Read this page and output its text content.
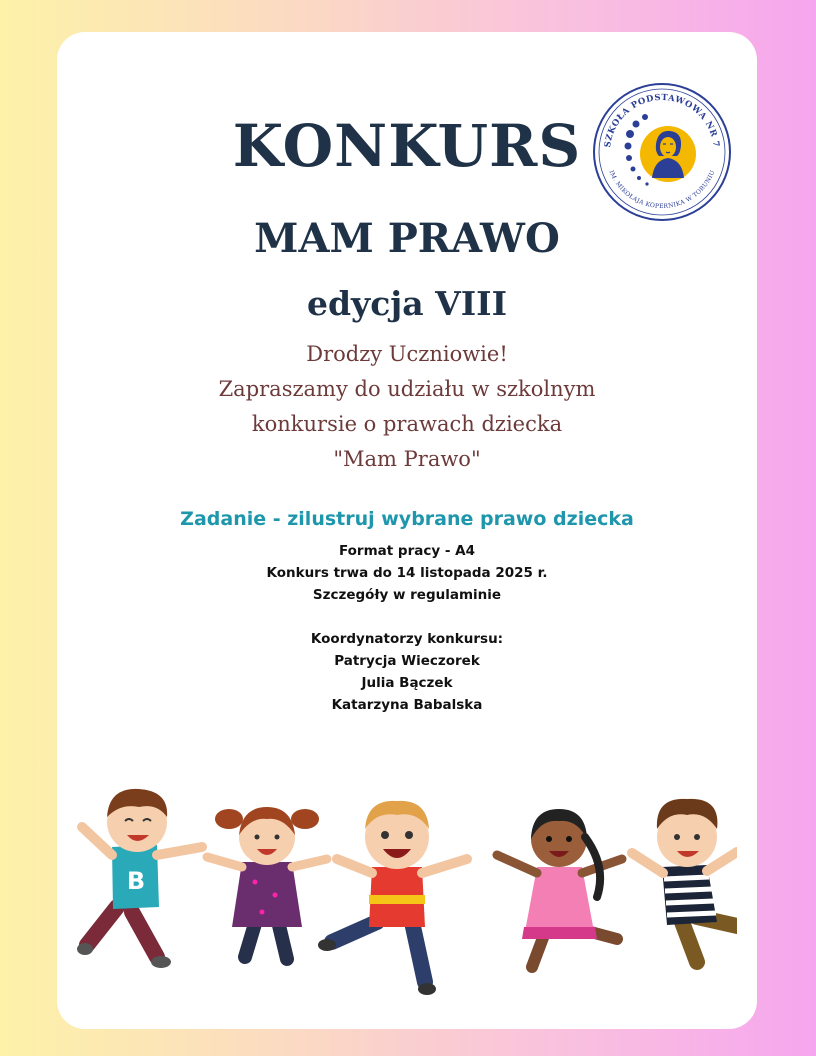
KONKURS
MAM PRAWO
edycja VIII
Drodzy Uczniowie!
Zapraszamy do udziału w szkolnym
konkursie o prawach dziecka
"Mam Prawo"
Zadanie - zilustruj wybrane prawo dziecka
Format pracy - A4
Konkurs trwa do 14 listopada 2025 r.
Szczegóły w regulaminie
Koordynatorzy konkursu:
Patrycja Wieczorek
Julia Bączek
Katarzyna Babalska
SZKOŁA PODSTAWOWA NR 7
IM. MIKOŁAJA KOPERNIKA W TORUNIU
B
